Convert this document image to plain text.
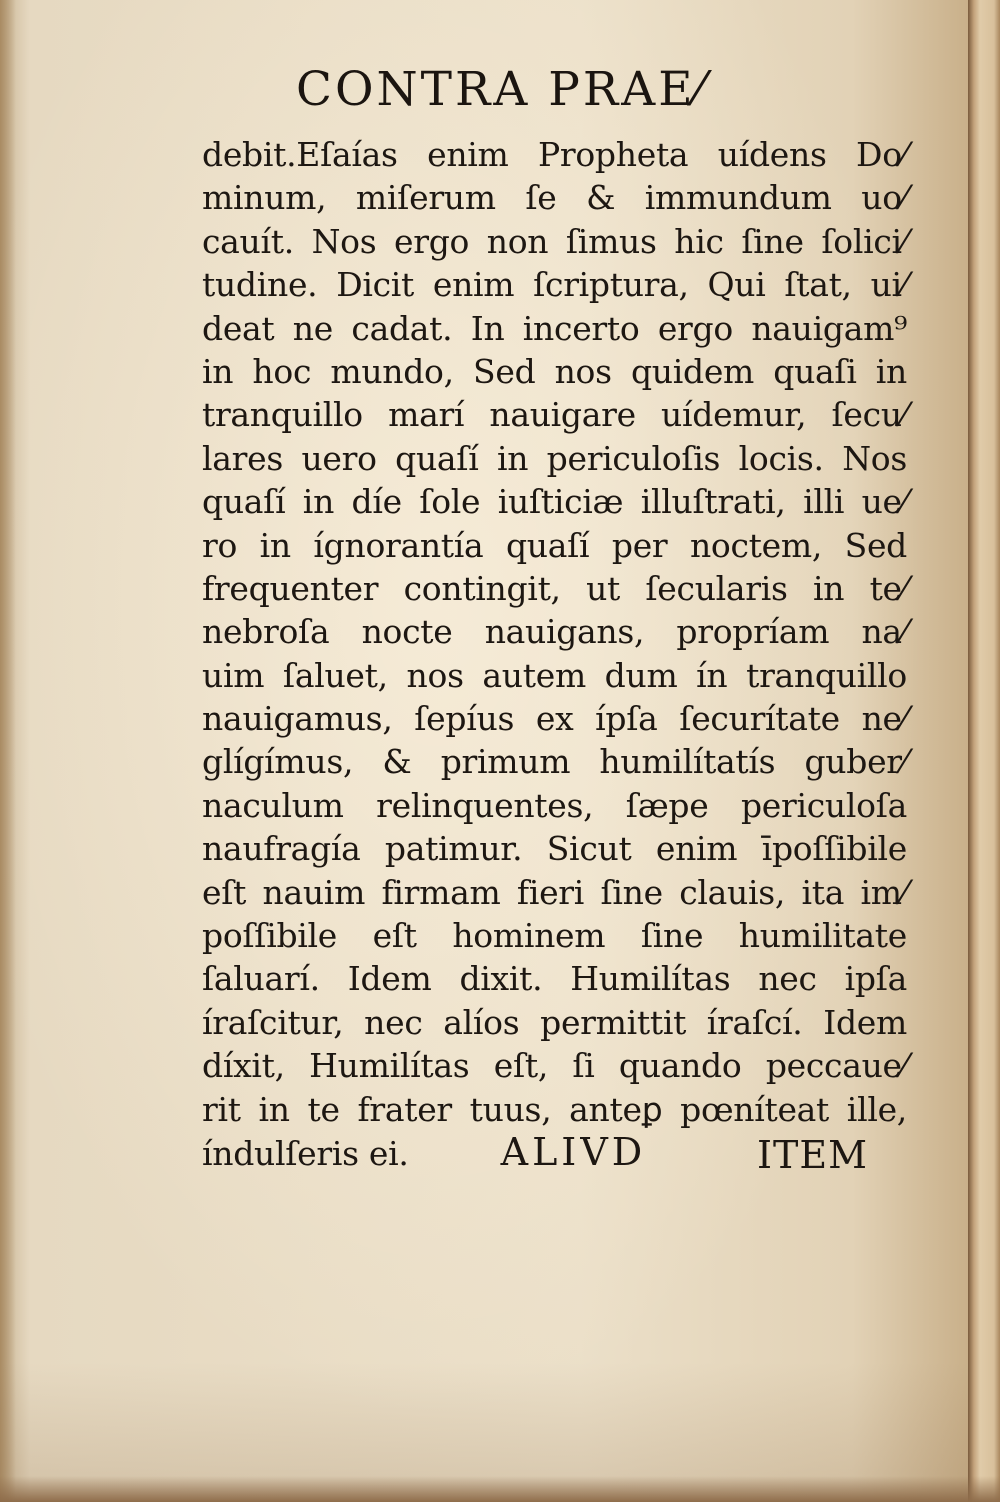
CONTRA PRAE⁄
debit.Eſaías enim Propheta uídens Do⁄
minum, miſerum ſe & immundum uo⁄
cauít. Nos ergo non ſimus hic ſine ſolici⁄
tudine. Dicit enim ſcriptura, Qui ſtat, ui⁄
deat ne cadat. In incerto ergo nauigam⁹
in hoc mundo, Sed nos quidem quaſi in
tranquillo marí nauigare uídemur, ſecu⁄
lares uero quaſí in periculoſis locis. Nos
quaſí in díe ſole iuſticiæ illuſtrati, illi ue⁄
ro in ígnorantía quaſí per noctem, Sed
frequenter contingit, ut ſecularis in te⁄
nebroſa nocte nauigans, propríam na⁄
uim ſaluet, nos autem dum ín tranquillo
nauigamus, ſepíus ex ípſa ſecurítate ne⁄
glígímus, & primum humilítatís guber⁄
naculum relinquentes, ſæpe periculoſa
naufragía patimur. Sicut enim īpoſſibile
eſt nauim firmam fieri ſine clauis, ita im⁄
poſſibile eſt hominem ſine humilitate
ſaluarí. Idem dixit. Humilítas nec ipſa
íraſcitur, nec alíos permittit íraſcí. Idem
díxit, Humilítas eſt, ſi quando peccaue⁄
rit in te frater tuus, anteꝑ pœníteat ille,
índulſeris ei. ALIVD	ITEM
